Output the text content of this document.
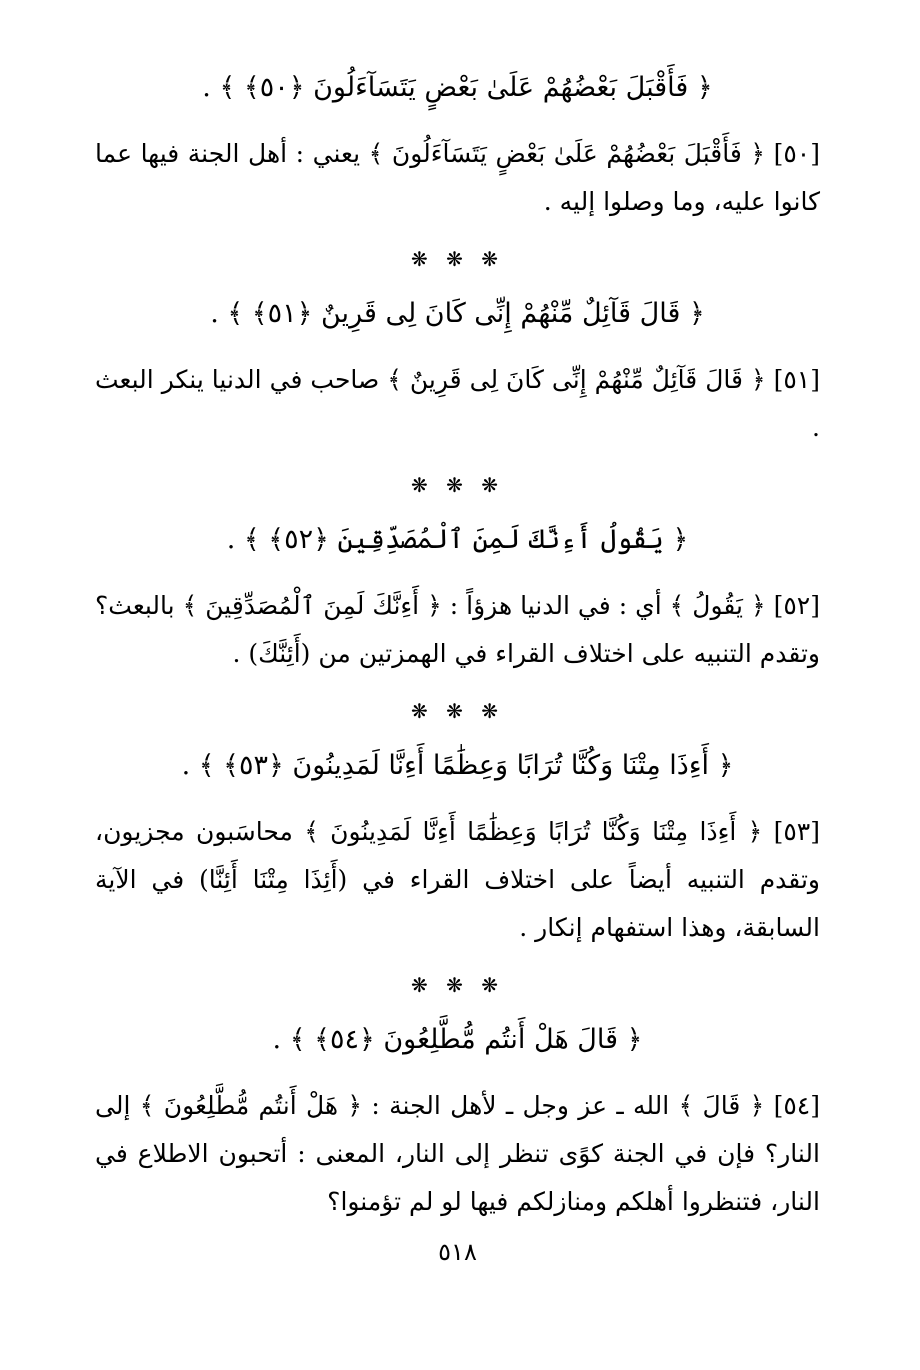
﴿ فَأَقْبَلَ بَعْضُهُمْ عَلَىٰ بَعْضٍ يَتَسَآءَلُونَ ﴿٥٠﴾ ﴾ .
[٥٠] ﴿ فَأَقْبَلَ بَعْضُهُمْ عَلَىٰ بَعْضٍ يَتَسَآءَلُونَ ﴾ يعني : أهل الجنة فيها عما كانوا عليه، وما وصلوا إليه .
❋ ❋ ❋
﴿ قَالَ قَآئِلٌ مِّنْهُمْ إِنِّى كَانَ لِى قَرِينٌ ﴿٥١﴾ ﴾ .
[٥١] ﴿ قَالَ قَآئِلٌ مِّنْهُمْ إِنِّى كَانَ لِى قَرِينٌ ﴾ صاحب في الدنيا ينكر البعث .
❋ ❋ ❋
﴿ يَقُولُ أَءِنَّكَ لَمِنَ ٱلْمُصَدِّقِينَ ﴿٥٢﴾ ﴾ .
[٥٢] ﴿ يَقُولُ ﴾ أي : في الدنيا هزؤاً : ﴿ أَءِنَّكَ لَمِنَ ٱلْمُصَدِّقِينَ ﴾ بالبعث؟ وتقدم التنبيه على اختلاف القراء في الهمزتين من (أَئِنَّكَ) .
❋ ❋ ❋
﴿ أَءِذَا مِتْنَا وَكُنَّا تُرَابًا وَعِظَٰمًا أَءِنَّا لَمَدِينُونَ ﴿٥٣﴾ ﴾ .
[٥٣] ﴿ أَءِذَا مِتْنَا وَكُنَّا تُرَابًا وَعِظَٰمًا أَءِنَّا لَمَدِينُونَ ﴾ محاسَبون مجزيون، وتقدم التنبيه أيضاً على اختلاف القراء في (أَئِذَا مِتْنَا أَئِنَّا) في الآية السابقة، وهذا استفهام إنكار .
❋ ❋ ❋
﴿ قَالَ هَلْ أَنتُم مُّطَّلِعُونَ ﴿٥٤﴾ ﴾ .
[٥٤] ﴿ قَالَ ﴾ الله ـ عز وجل ـ لأهل الجنة : ﴿ هَلْ أَنتُم مُّطَّلِعُونَ ﴾ إلى النار؟ فإن في الجنة كوًى تنظر إلى النار، المعنى : أتحبون الاطلاع في النار، فتنظروا أهلكم ومنازلكم فيها لو لم تؤمنوا؟
٥١٨
